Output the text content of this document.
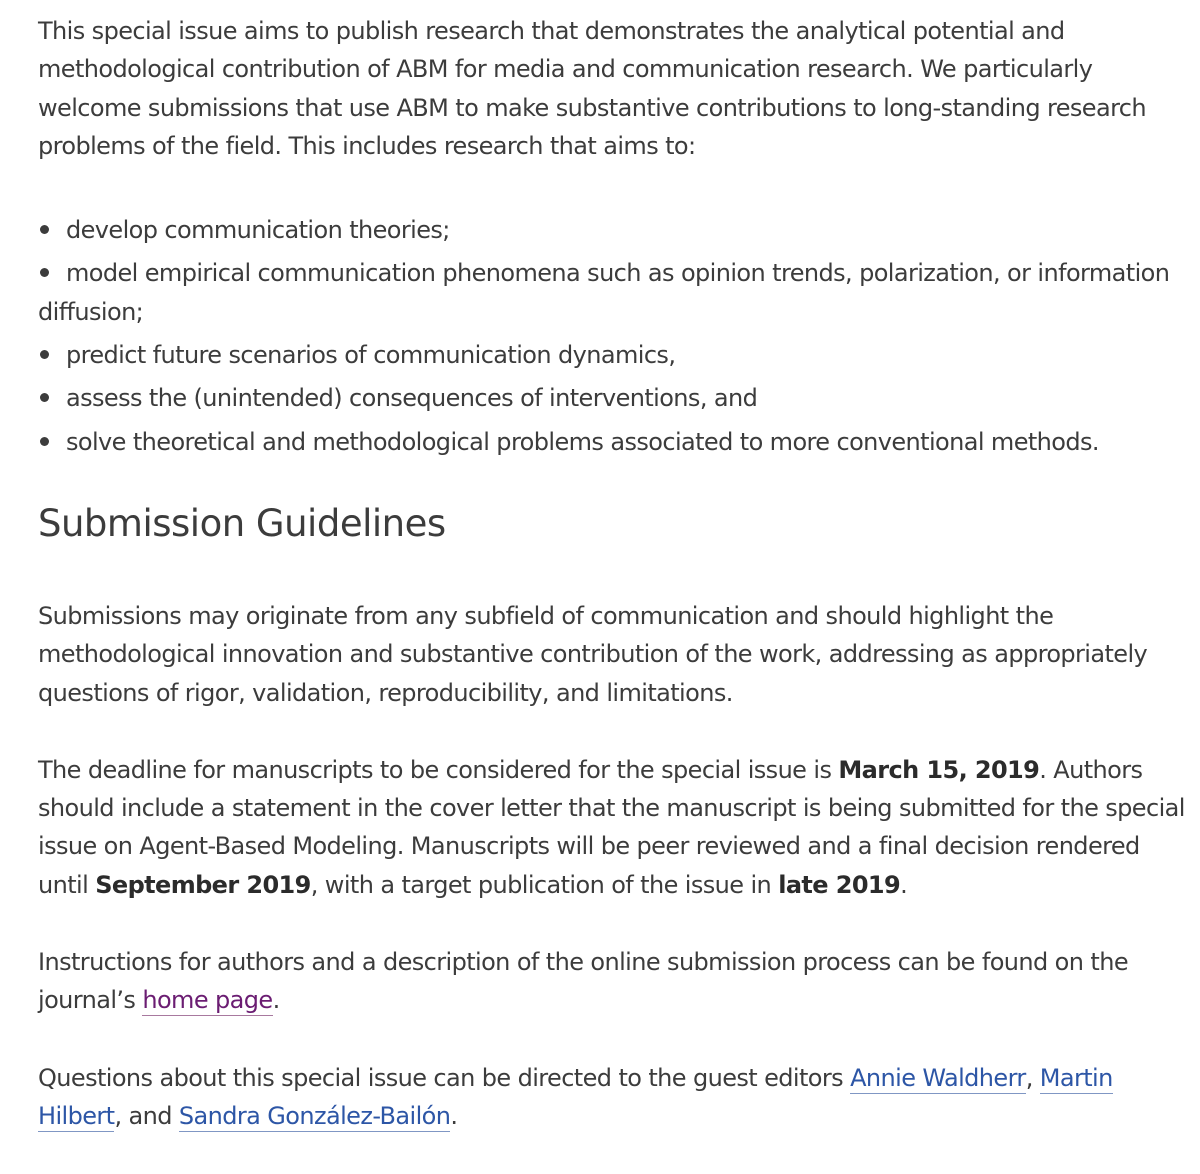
This special issue aims to publish research that demonstrates the analytical potential and methodological contribution of ABM for media and communication research. We particularly welcome submissions that use ABM to make substantive contributions to long-standing research problems of the field. This includes research that aims to:

develop communication theories;
model empirical communication phenomena such as opinion trends, polarization, or information diffusion;
predict future scenarios of communication dynamics,
assess the (unintended) consequences of interventions, and
solve theoretical and methodological problems associated to more conventional methods.
Submission Guidelines

Submissions may originate from any subfield of communication and should highlight the methodological innovation and substantive contribution of the work, addressing as appropriately questions of rigor, validation, reproducibility, and limitations.

The deadline for manuscripts to be considered for the special issue is March 15, 2019. Authors should include a statement in the cover letter that the manuscript is being submitted for the special issue on Agent-Based Modeling. Manuscripts will be peer reviewed and a final decision rendered until September 2019, with a target publication of the issue in late 2019.

Instructions for authors and a description of the online submission process can be found on the journal’s home page.

Questions about this special issue can be directed to the guest editors Annie Waldherr, Martin Hilbert, and Sandra González-Bailón.
